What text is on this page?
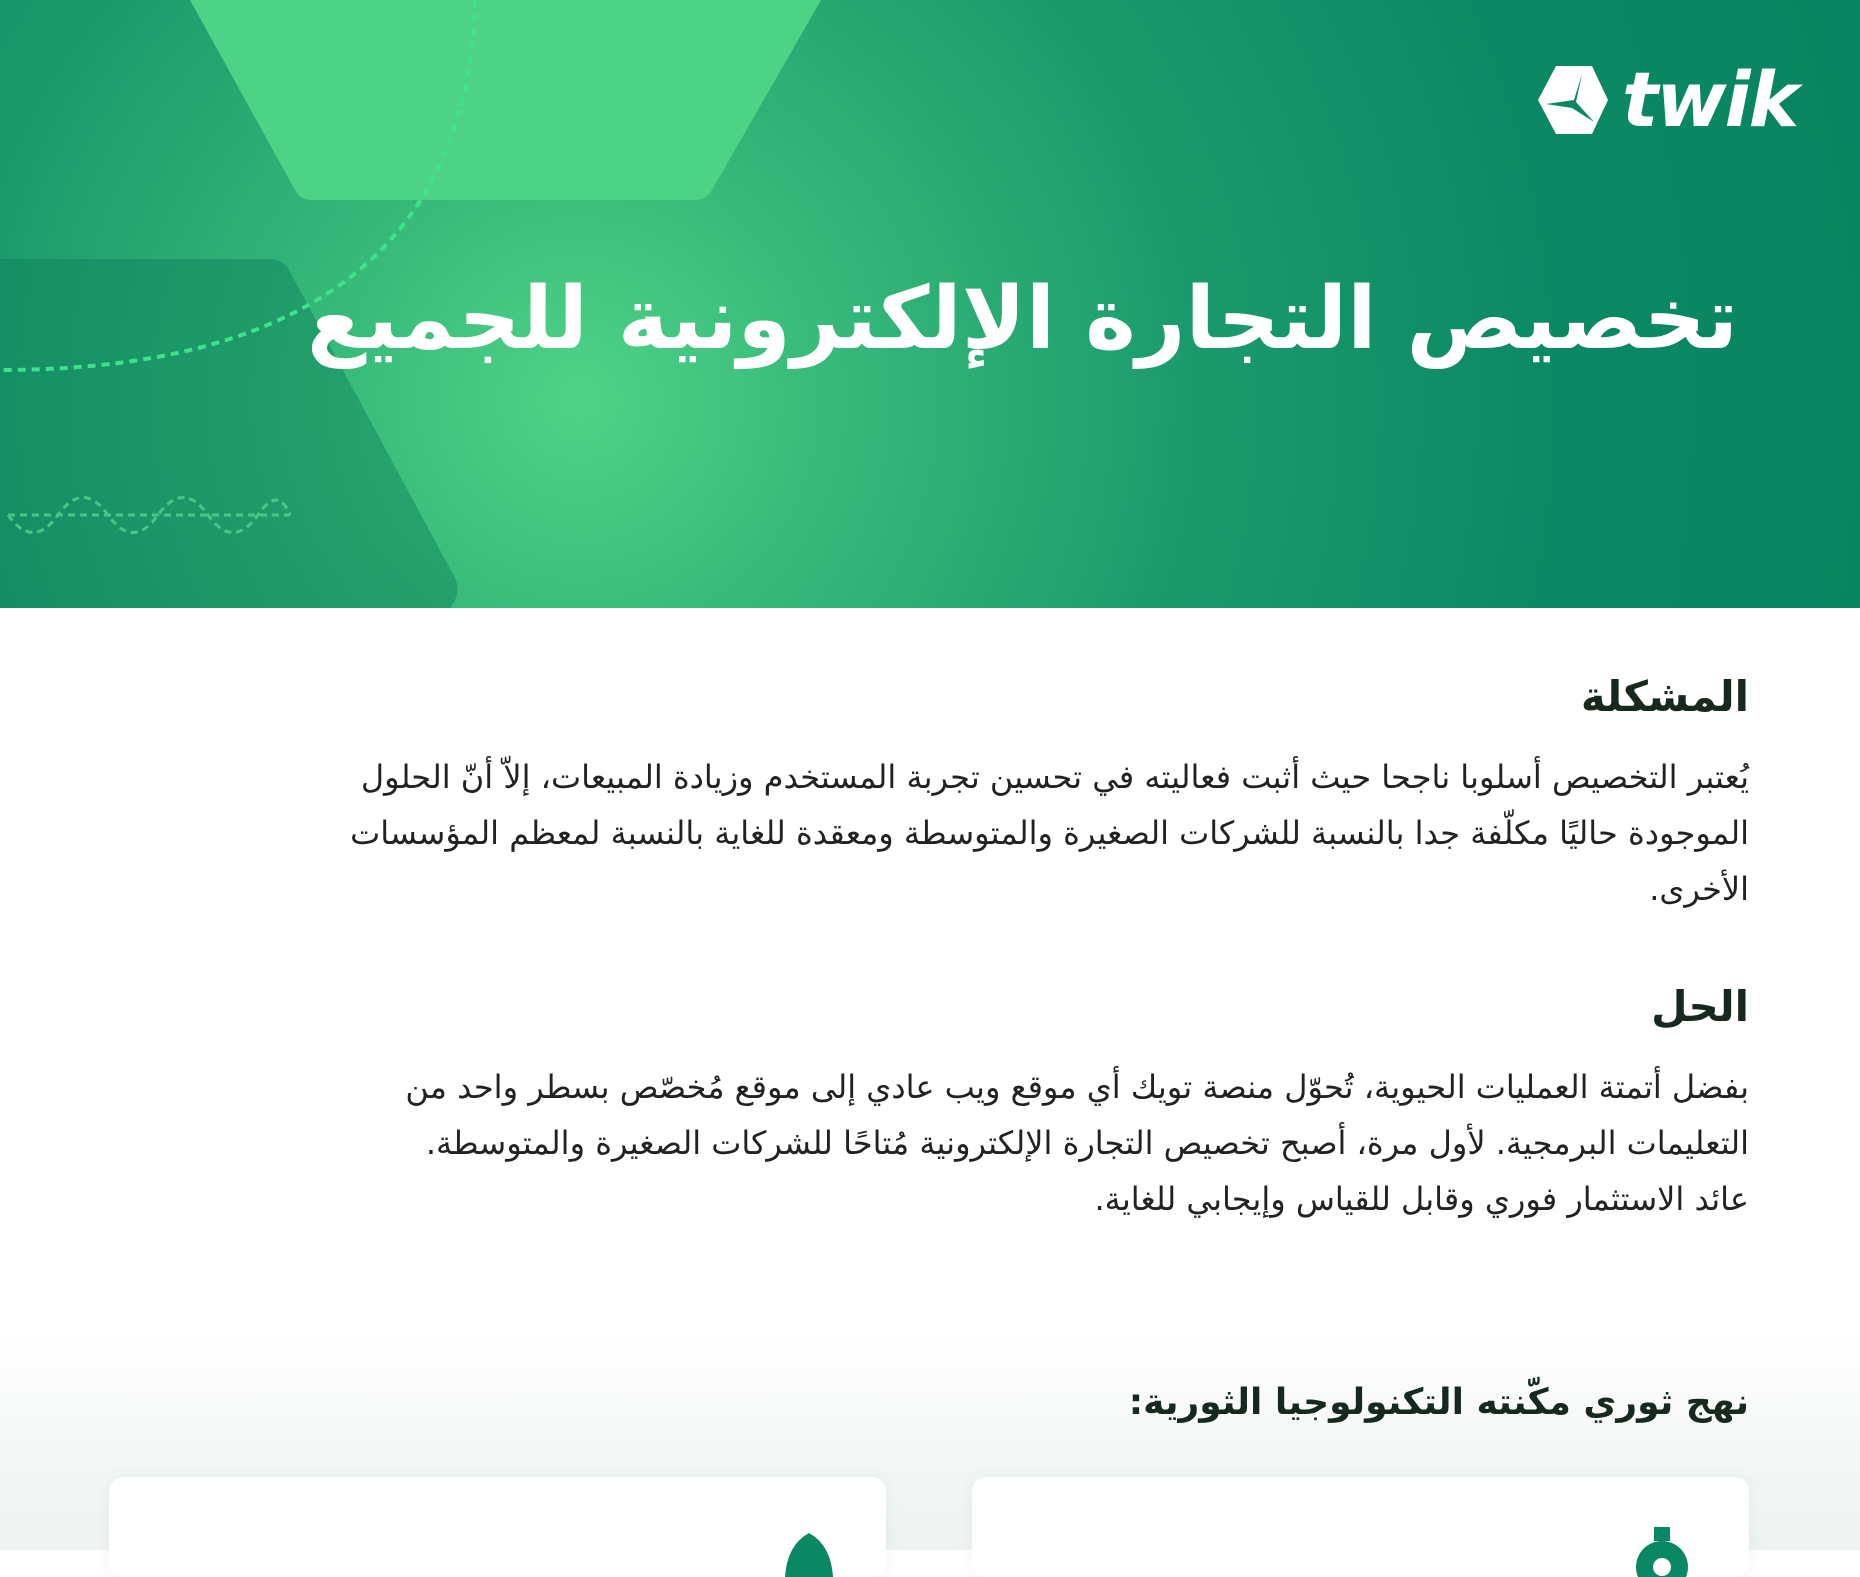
twik
تخصيص التجارة الإلكترونية للجميع
المشكلة
يُعتبر التخصيص أسلوبا ناجحا حيث أثبت فعاليته في تحسين تجربة المستخدم وزيادة المبيعات، إلاّ أنّ الحلول
الموجودة حاليًا مكلّفة جدا بالنسبة للشركات الصغيرة والمتوسطة ومعقدة للغاية بالنسبة لمعظم المؤسسات
الأخرى.
الحل
بفضل أتمتة العمليات الحيوية، تُحوّل منصة تويك أي موقع ويب عادي إلى موقع مُخصّص بسطر واحد من
التعليمات البرمجية. لأول مرة، أصبح تخصيص التجارة الإلكترونية مُتاحًا للشركات الصغيرة والمتوسطة.
عائد الاستثمار فوري وقابل للقياس وإيجابي للغاية.
نهج ثوري مكّنته التكنولوجيا الثورية:
